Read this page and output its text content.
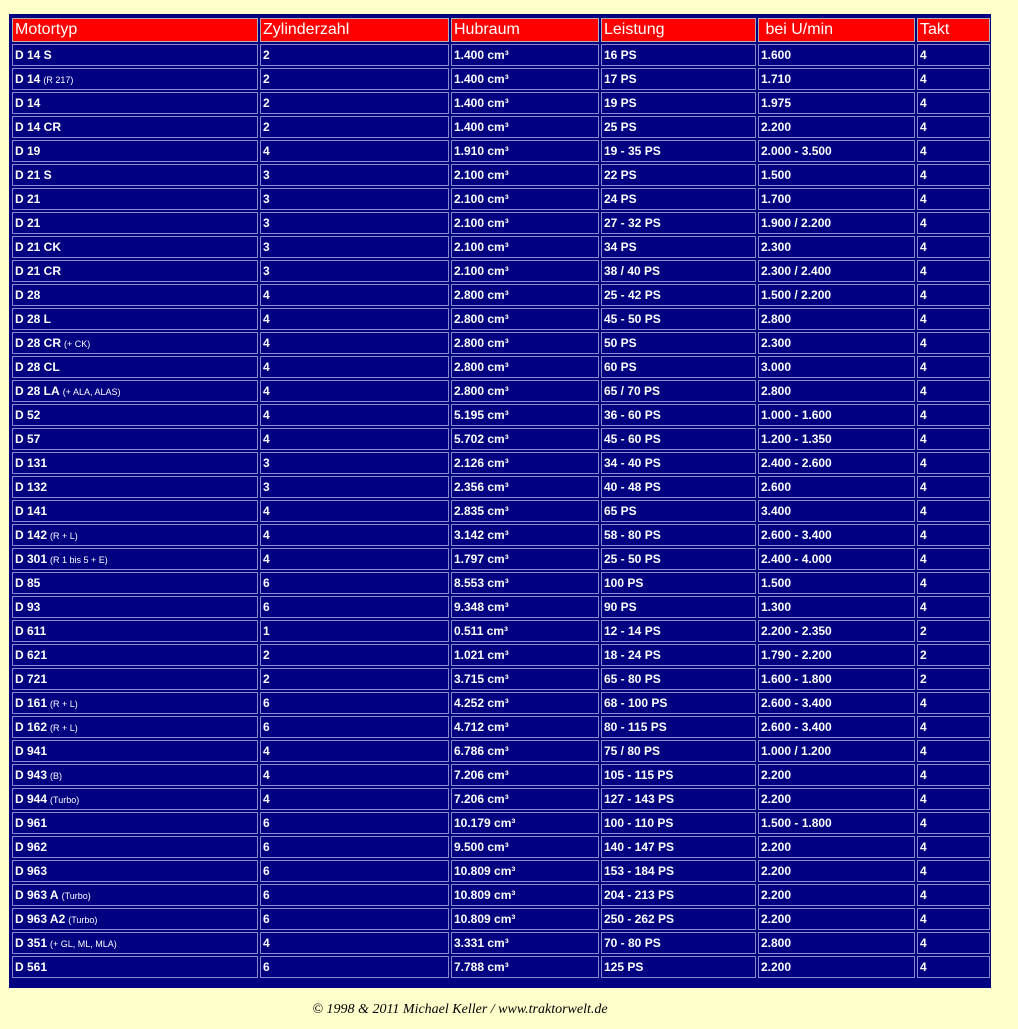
Motortyp	Zylinderzahl	Hubraum	Leistung	bei U/min	Takt
D 14 S	2	1.400 cm³	16 PS	1.600	4
D 14 (R 217)	2	1.400 cm³	17 PS	1.710	4
D 14	2	1.400 cm³	19 PS	1.975	4
D 14 CR	2	1.400 cm³	25 PS	2.200	4
D 19	4	1.910 cm³	19 - 35 PS	2.000 - 3.500	4
D 21 S	3	2.100 cm³	22 PS	1.500	4
D 21	3	2.100 cm³	24 PS	1.700	4
D 21	3	2.100 cm³	27 - 32 PS	1.900 / 2.200	4
D 21 CK	3	2.100 cm³	34 PS	2.300	4
D 21 CR	3	2.100 cm³	38 / 40 PS	2.300 / 2.400	4
D 28	4	2.800 cm³	25 - 42 PS	1.500 / 2.200	4
D 28 L	4	2.800 cm³	45 - 50 PS	2.800	4
D 28 CR (+ CK)	4	2.800 cm³	50 PS	2.300	4
D 28 CL	4	2.800 cm³	60 PS	3.000	4
D 28 LA (+ ALA, ALAS)	4	2.800 cm³	65 / 70 PS	2.800	4
D 52	4	5.195 cm³	36 - 60 PS	1.000 - 1.600	4
D 57	4	5.702 cm³	45 - 60 PS	1.200 - 1.350	4
D 131	3	2.126 cm³	34 - 40 PS	2.400 - 2.600	4
D 132	3	2.356 cm³	40 - 48 PS	2.600	4
D 141	4	2.835 cm³	65 PS	3.400	4
D 142 (R + L)	4	3.142 cm³	58 - 80 PS	2.600 - 3.400	4
D 301 (R 1 bis 5 + E)	4	1.797 cm³	25 - 50 PS	2.400 - 4.000	4
D 85	6	8.553 cm³	100 PS	1.500	4
D 93	6	9.348 cm³	90 PS	1.300	4
D 611	1	0.511 cm³	12 - 14 PS	2.200 - 2.350	2
D 621	2	1.021 cm³	18 - 24 PS	1.790 - 2.200	2
D 721	2	3.715 cm³	65 - 80 PS	1.600 - 1.800	2
D 161 (R + L)	6	4.252 cm³	68 - 100 PS	2.600 - 3.400	4
D 162 (R + L)	6	4.712 cm³	80 - 115 PS	2.600 - 3.400	4
D 941	4	6.786 cm³	75 / 80 PS	1.000 / 1.200	4
D 943 (B)	4	7.206 cm³	105 - 115 PS	2.200	4
D 944 (Turbo)	4	7.206 cm³	127 - 143 PS	2.200	4
D 961	6	10.179 cm³	100 - 110 PS	1.500 - 1.800	4
D 962	6	9.500 cm³	140 - 147 PS	2.200	4
D 963	6	10.809 cm³	153 - 184 PS	2.200	4
D 963 A (Turbo)	6	10.809 cm³	204 - 213 PS	2.200	4
D 963 A2 (Turbo)	6	10.809 cm³	250 - 262 PS	2.200	4
D 351 (+ GL, ML, MLA)	4	3.331 cm³	70 - 80 PS	2.800	4
D 561	6	7.788 cm³	125 PS	2.200	4
© 1998 & 2011 Michael Keller / www.traktorwelt.de
